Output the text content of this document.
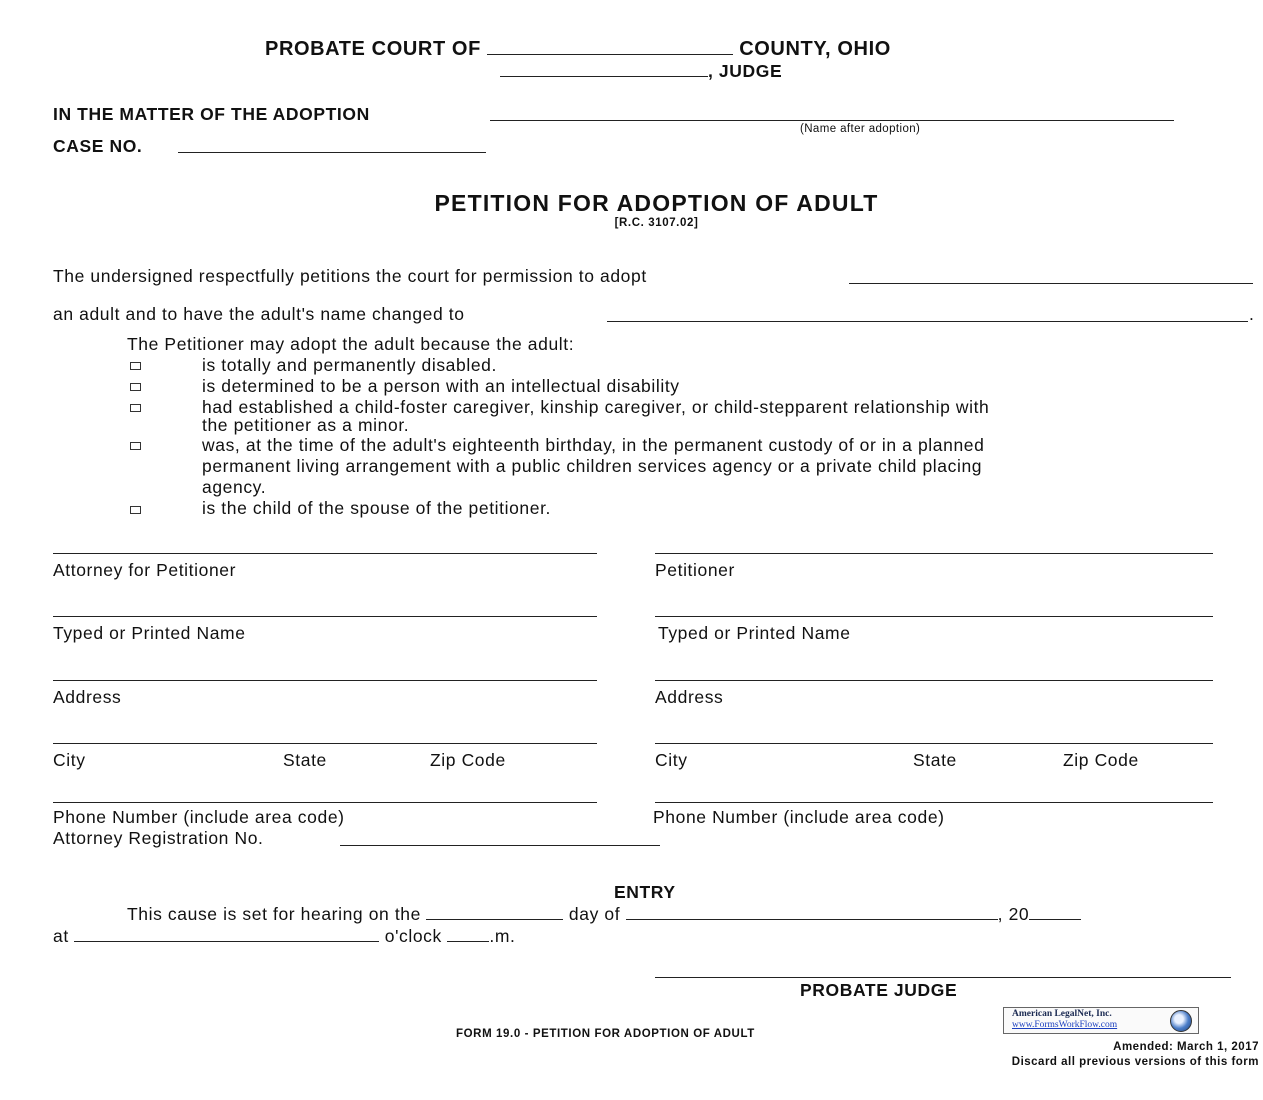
PROBATE COURT OF	COUNTY, OHIO
, JUDGE
IN THE MATTER OF THE ADOPTION
(Name after adoption)
CASE NO.
PETITION FOR ADOPTION OF ADULT
[R.C. 3107.02]
The undersigned respectfully petitions the court for permission to adopt
an adult and to have the adult's name changed to	.
The Petitioner may adopt the adult because the adult:
is totally and permanently disabled.
is determined to be a person with an intellectual disability
had established a child-foster caregiver, kinship caregiver, or child-stepparent relationship with
the petitioner as a minor.
was, at the time of the adult's eighteenth birthday, in the permanent custody of or in a planned
permanent living arrangement with a public children services agency or a private child placing
agency.
is the child of the spouse of the petitioner.
Attorney for Petitioner
Typed or Printed Name
Address
City	State	Zip Code
Phone Number (include area code)
Attorney Registration No.
Petitioner
Typed or Printed Name
Address
City	State	Zip Code
Phone Number (include area code)
ENTRY
This cause is set for hearing on the	day of	, 20
at	o'clock	.m.
PROBATE JUDGE
FORM 19.0 - PETITION FOR ADOPTION OF ADULT
American LegalNet, Inc.
www.FormsWorkFlow.com
Amended: March 1, 2017
Discard all previous versions of this form
